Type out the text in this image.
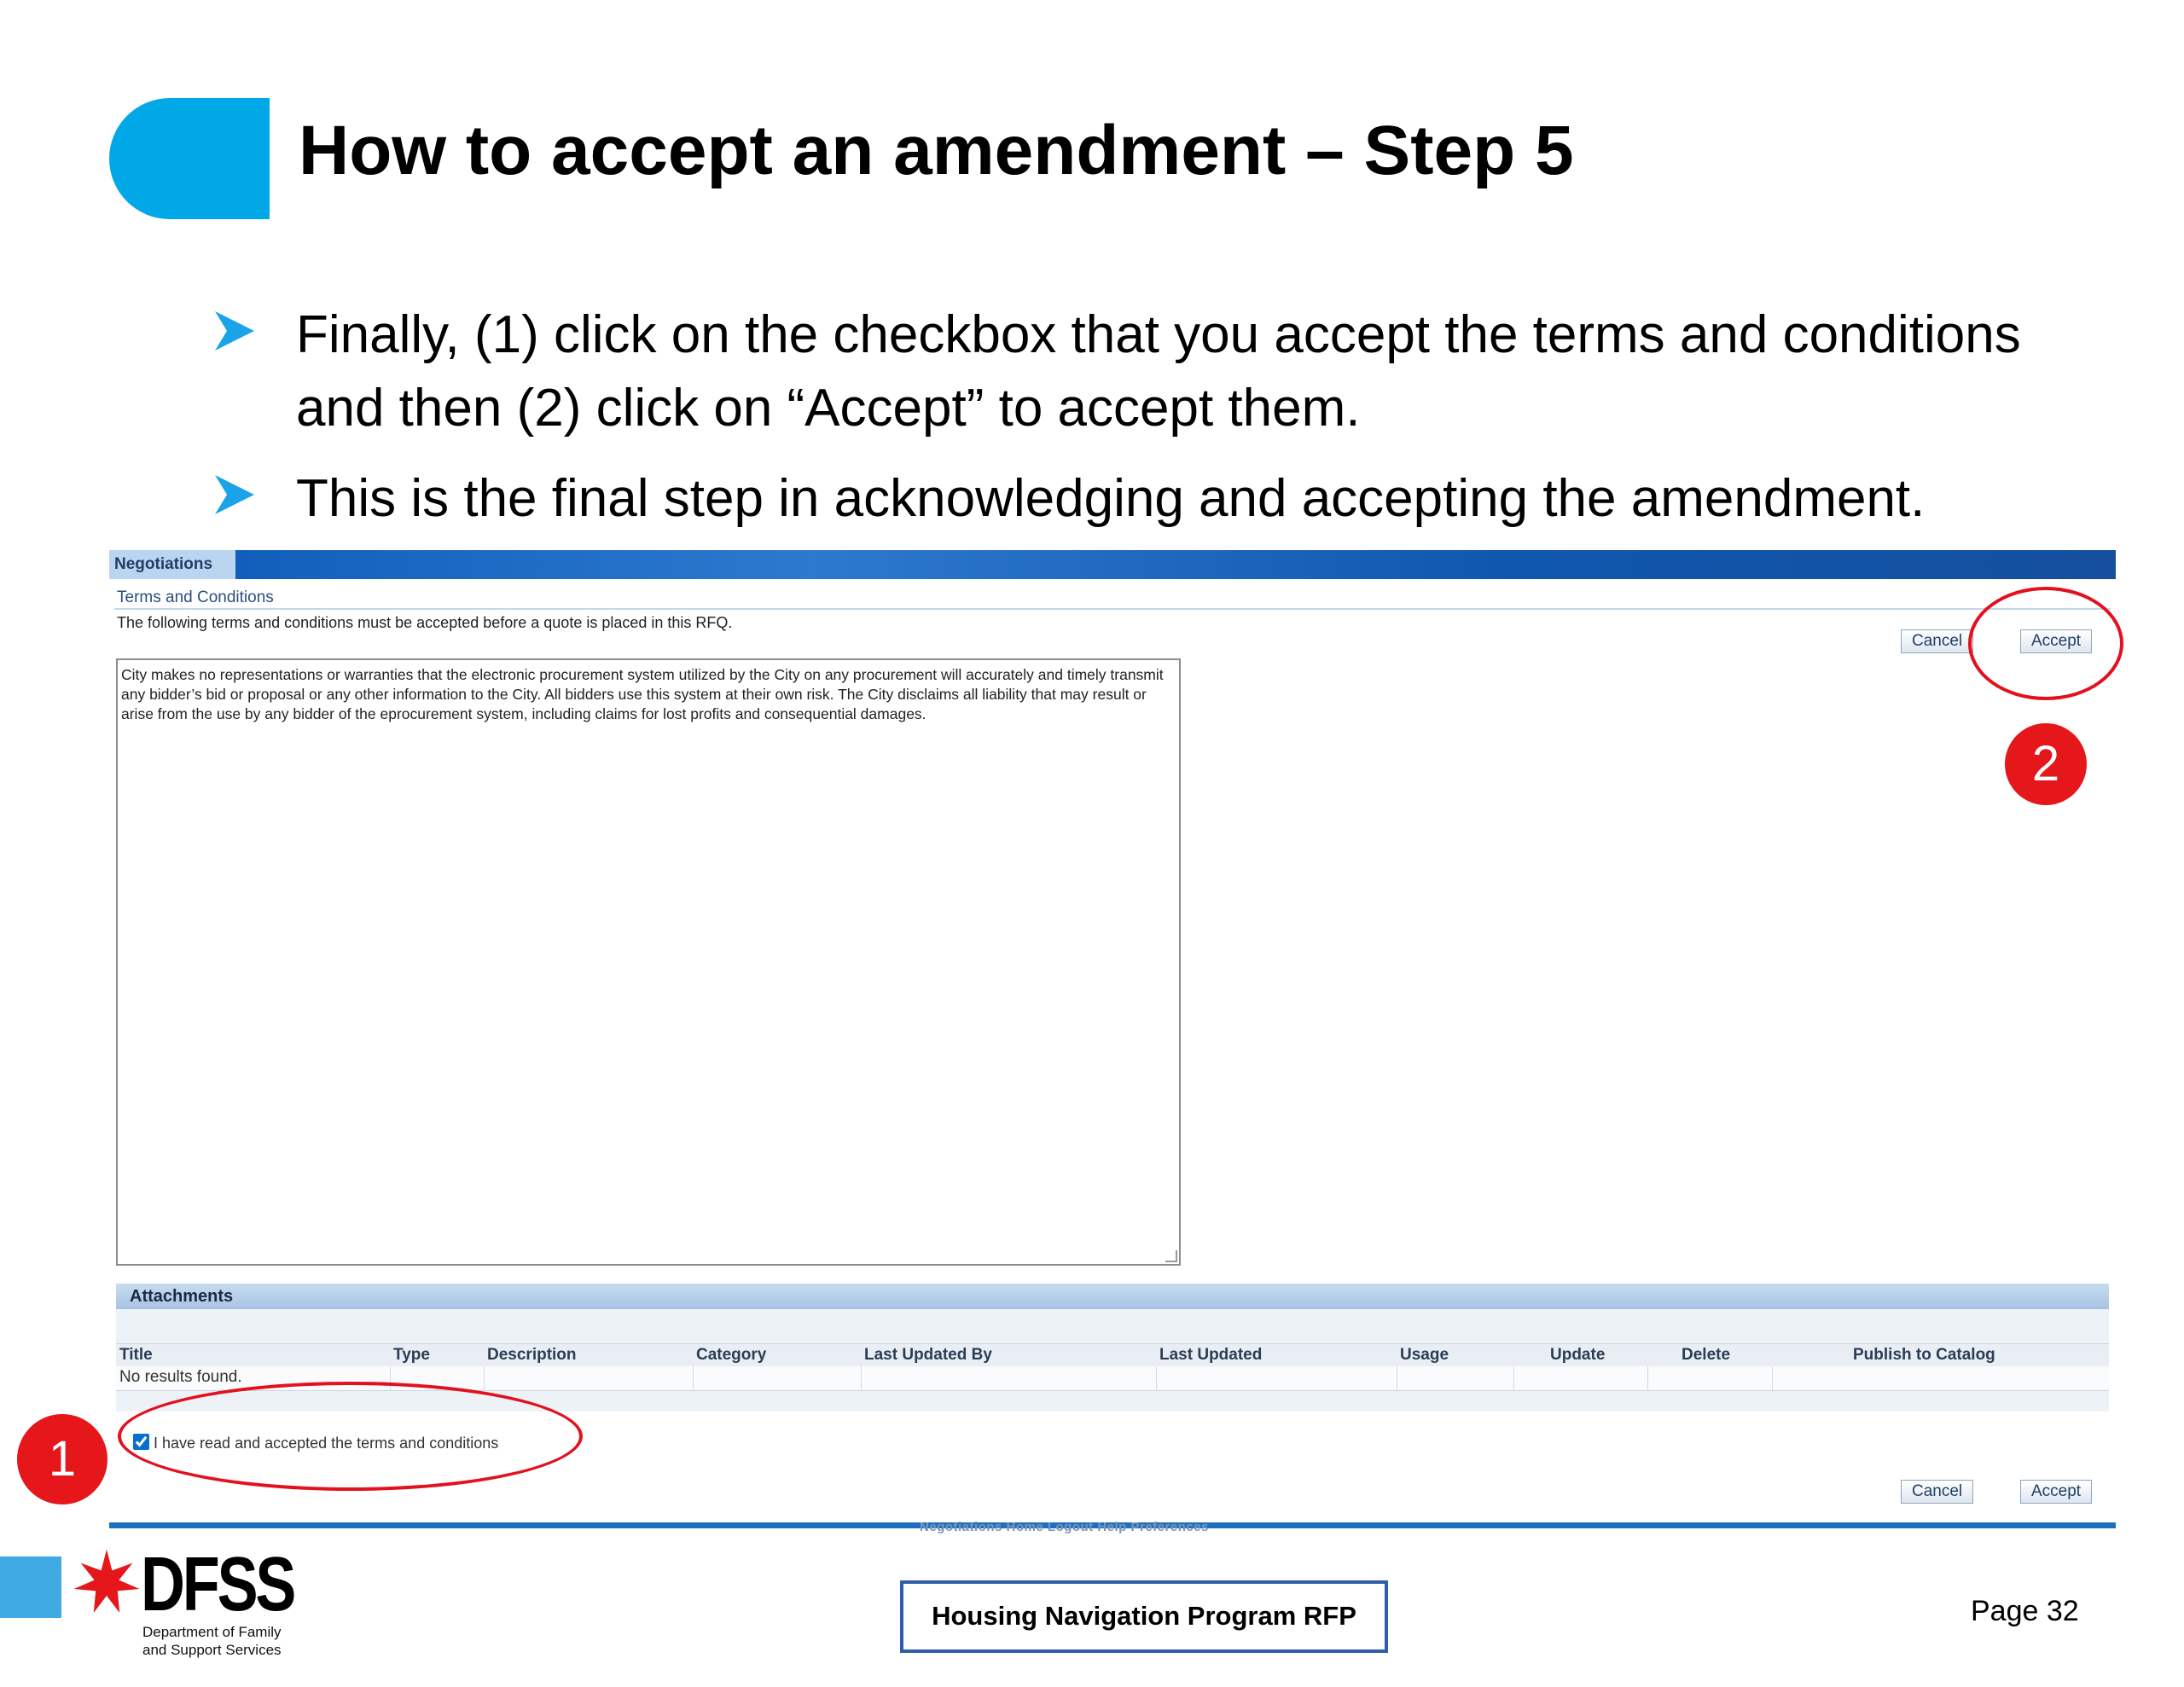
How to accept an amendment – Step 5
Finally, (1) click on the checkbox that you accept the terms and conditions and then (2) click on “Accept” to accept them.
This is the final step in acknowledging and accepting the amendment.
Negotiations
Terms and Conditions
The following terms and conditions must be accepted before a quote is placed in this RFQ.
Cancel	Accept
City makes no representations or warranties that the electronic procurement system utilized by the City on any procurement will accurately and timely transmit any bidder’s bid or proposal or any other information to the City. All bidders use this system at their own risk. The City disclaims all liability that may result or arise from the use by any bidder of the eprocurement system, including claims for lost profits and consequential damages.
Attachments
Title	Type	Description	Category	Last Updated By	Last Updated	Usage	Update	Delete	Publish to Catalog
No results found.
I have read and accepted the terms and conditions
Cancel	Accept
Negotiations Home Logout Help Preferences
2
1
DFSS
Department of Family
and Support Services
Housing Navigation Program RFP	Page 32
